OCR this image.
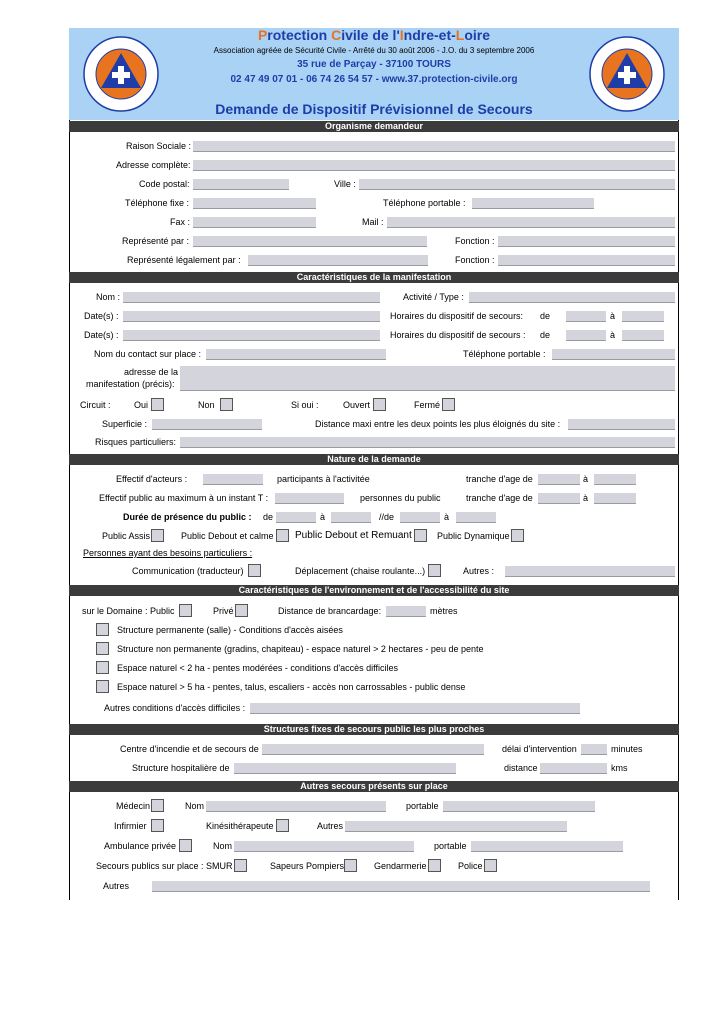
Protection Civile de l'Indre-et-Loire
Association agréée de Sécurité Civile - Arrêté du 30 août 2006 - J.O. du 3 septembre 2006
35 rue de Parçay - 37100 TOURS
02 47 49 07 01 - 06 74 26 54 57 - www.37.protection-civile.org
Demande de Dispositif Prévisionnel de Secours
Organisme demandeur
Raison Sociale :
Adresse complète:
Code postal:	Ville :
Téléphone fixe :	Téléphone portable :
Fax :	Mail :
Représenté par :	Fonction :
Représenté légalement par :	Fonction :
Caractéristiques de la manifestation
Nom :	Activité / Type :
Date(s) :	Horaires du dispositif de secours: de	à
Date(s) :	Horaires du dispositif de secours : de	à
Nom du contact sur place :	Téléphone portable :
adresse de la
manifestation (précis):
Circuit :	Oui	Non	Si oui :	Ouvert	Fermé
Superficie :	Distance maxi entre les deux points les plus éloignés du site :
Risques particuliers:
Nature de la demande
Effectif d'acteurs :	participants à l'activitée	tranche d'age de	à
Effectif public au maximum à un instant T :	personnes du public	tranche d'age de	à
Durée de présence du public : de	à	//de	à
Public Assis	Public Debout et calme Public Debout et Remuant	Public Dynamique
Personnes ayant des besoins particuliers :
Communication (traducteur)	Déplacement (chaise roulante...)	Autres :
Caractéristiques de l'environnement et de l'accessibilité du site
sur le Domaine : Public	Privé	Distance de brancardage:	mètres
Structure permanente (salle) - Conditions d'accès aisées
Structure non permanente (gradins, chapiteau) - espace naturel > 2 hectares - peu de pente
Espace naturel < 2 ha - pentes modérées - conditions d'accès difficiles
Espace naturel > 5 ha - pentes, talus, escaliers - accès non carrossables - public dense
Autres conditions d'accès difficiles :
Structures fixes de secours public les plus proches
Centre d'incendie et de secours de	délai d'intervention	minutes
Structure hospitalière de	distance	kms
Autres secours présents sur place
Médecin	Nom	portable
Infirmier	Kinésithérapeute	Autres
Ambulance privée	Nom	portable
Secours publics sur place : SMUR	Sapeurs Pompiers	Gendarmerie	Police
Autres
